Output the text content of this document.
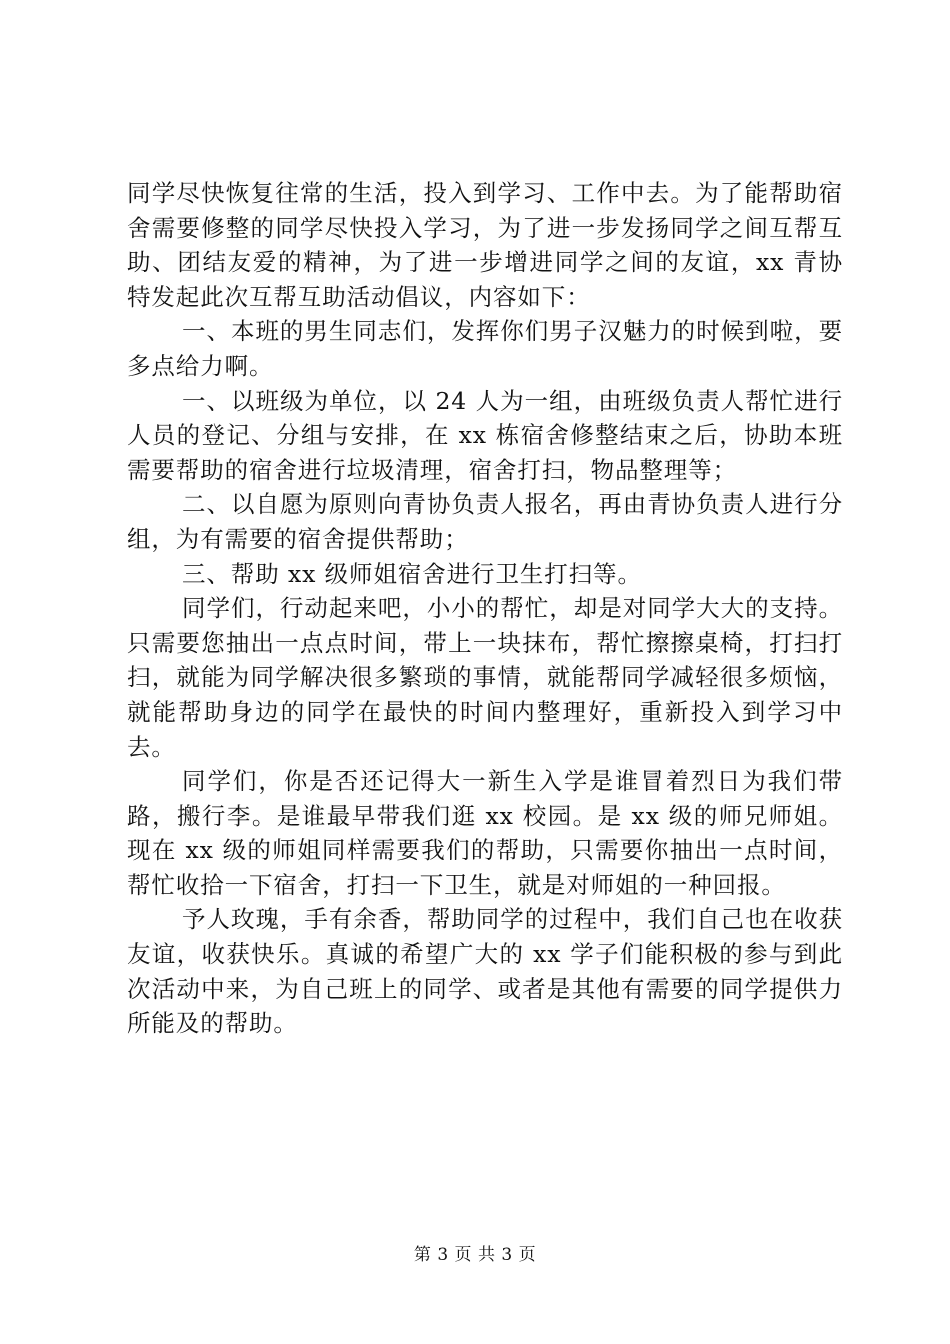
同学尽快恢复往常的生活，投入到学习、工作中去。为了能帮助宿舍需要修整的同学尽快投入学习，为了进一步发扬同学之间互帮互助、团结友爱的精神，为了进一步增进同学之间的友谊，xx 青协特发起此次互帮互助活动倡议，内容如下：

一、本班的男生同志们，发挥你们男子汉魅力的时候到啦，要多点给力啊。

一、以班级为单位，以 24 人为一组，由班级负责人帮忙进行人员的登记、分组与安排，在 xx 栋宿舍修整结束之后，协助本班需要帮助的宿舍进行垃圾清理，宿舍打扫，物品整理等；

二、以自愿为原则向青协负责人报名，再由青协负责人进行分组，为有需要的宿舍提供帮助；

三、帮助 xx 级师姐宿舍进行卫生打扫等。

同学们，行动起来吧，小小的帮忙，却是对同学大大的支持。只需要您抽出一点点时间，带上一块抹布，帮忙擦擦桌椅，打扫打扫，就能为同学解决很多繁琐的事情，就能帮同学减轻很多烦恼，就能帮助身边的同学在最快的时间内整理好，重新投入到学习中去。

同学们，你是否还记得大一新生入学是谁冒着烈日为我们带路，搬行李。是谁最早带我们逛 xx 校园。是 xx 级的师兄师姐。现在 xx 级的师姐同样需要我们的帮助，只需要你抽出一点时间，帮忙收拾一下宿舍，打扫一下卫生，就是对师姐的一种回报。

予人玫瑰，手有余香，帮助同学的过程中，我们自己也在收获友谊，收获快乐。真诚的希望广大的 xx 学子们能积极的参与到此次活动中来，为自己班上的同学、或者是其他有需要的同学提供力所能及的帮助。

第 3 页 共 3 页
